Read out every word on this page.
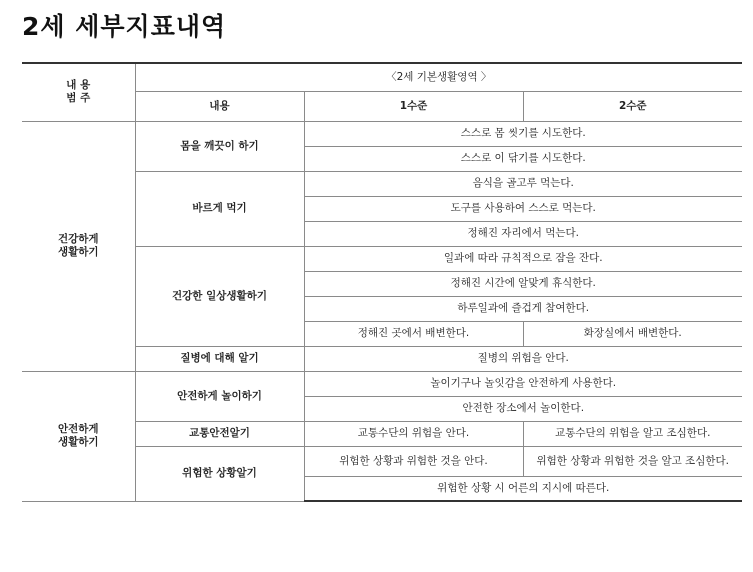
2세 세부지표내역
내 용
범 주	〈2세 기본생활영역 〉		
	내용	1수준	2수준

건강하게
생활하기	몸을 깨끗이 하기	스스로 몸 씻기를 시도한다.	
		스스로 이 닦기를 시도한다.	
	바르게 먹기	음식을 골고루 먹는다.	
		도구를 사용하여 스스로 먹는다.	
		정해진 자리에서 먹는다.	
	건강한 일상생활하기	일과에 따라 규칙적으로 잠을 잔다.	
		정해진 시간에 알맞게 휴식한다.	
		하루일과에 즐겁게 참여한다.	
		정해진 곳에서 배변한다.	화장실에서 배변한다.
	질병에 대해 알기	질병의 위험을 안다.	

안전하게
생활하기	안전하게 놀이하기	놀이기구나 놀잇감을 안전하게 사용한다.	
		안전한 장소에서 놀이한다.	
	교통안전알기	교통수단의 위험을 안다.	교통수단의 위험을 알고 조심한다.
	위험한 상황알기	위험한 상황과 위험한 것을 안다.	위험한 상황과 위험한 것을 알고 조심한다.
		위험한 상황 시 어른의 지시에 따른다.	
